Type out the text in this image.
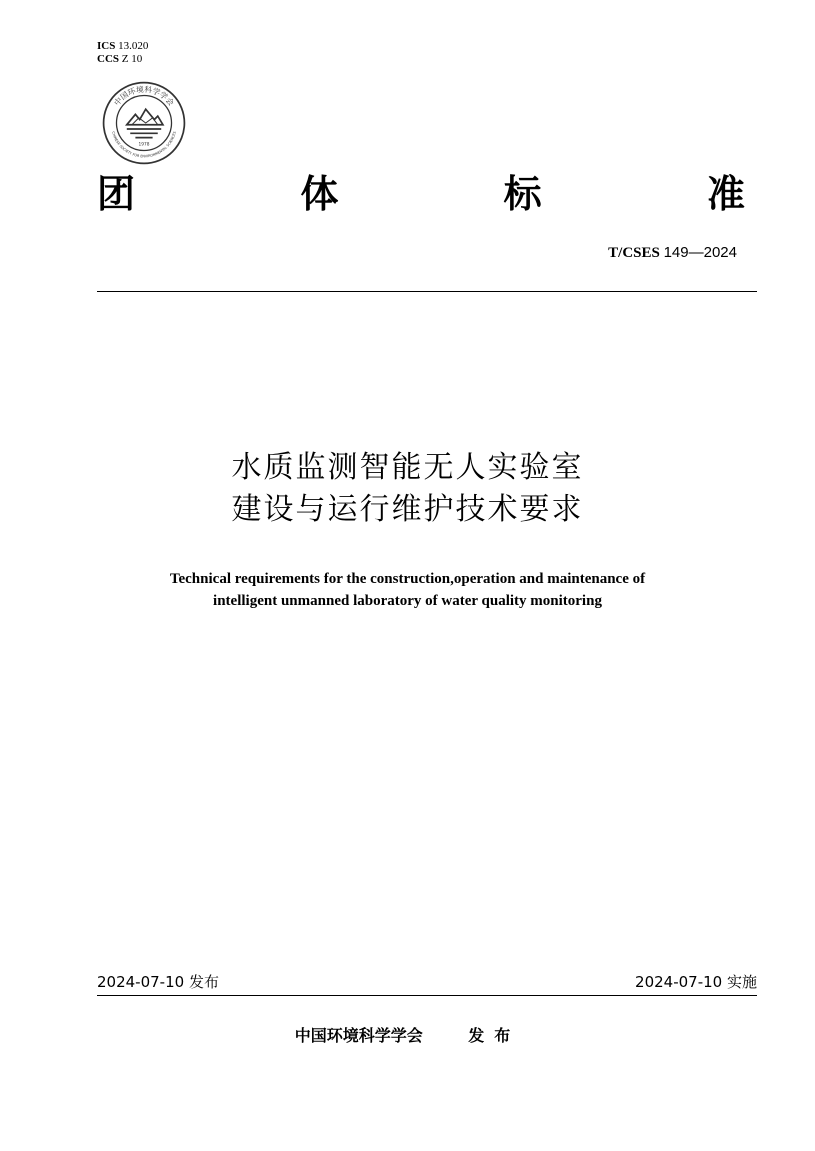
ICS 13.020
CCS Z 10
中国环境科学学会
CHINESE SOCIETY FOR ENVIRONMENTAL SCIENCES
1978
团	体	标	准
T/CSES 149—2024
水质监测智能无人实验室
建设与运行维护技术要求
Technical requirements for the construction,operation and maintenance of
intelligent unmanned laboratory of water quality monitoring
2024-07-10 发布	2024-07-10 实施
中国环境科学学会	发布
